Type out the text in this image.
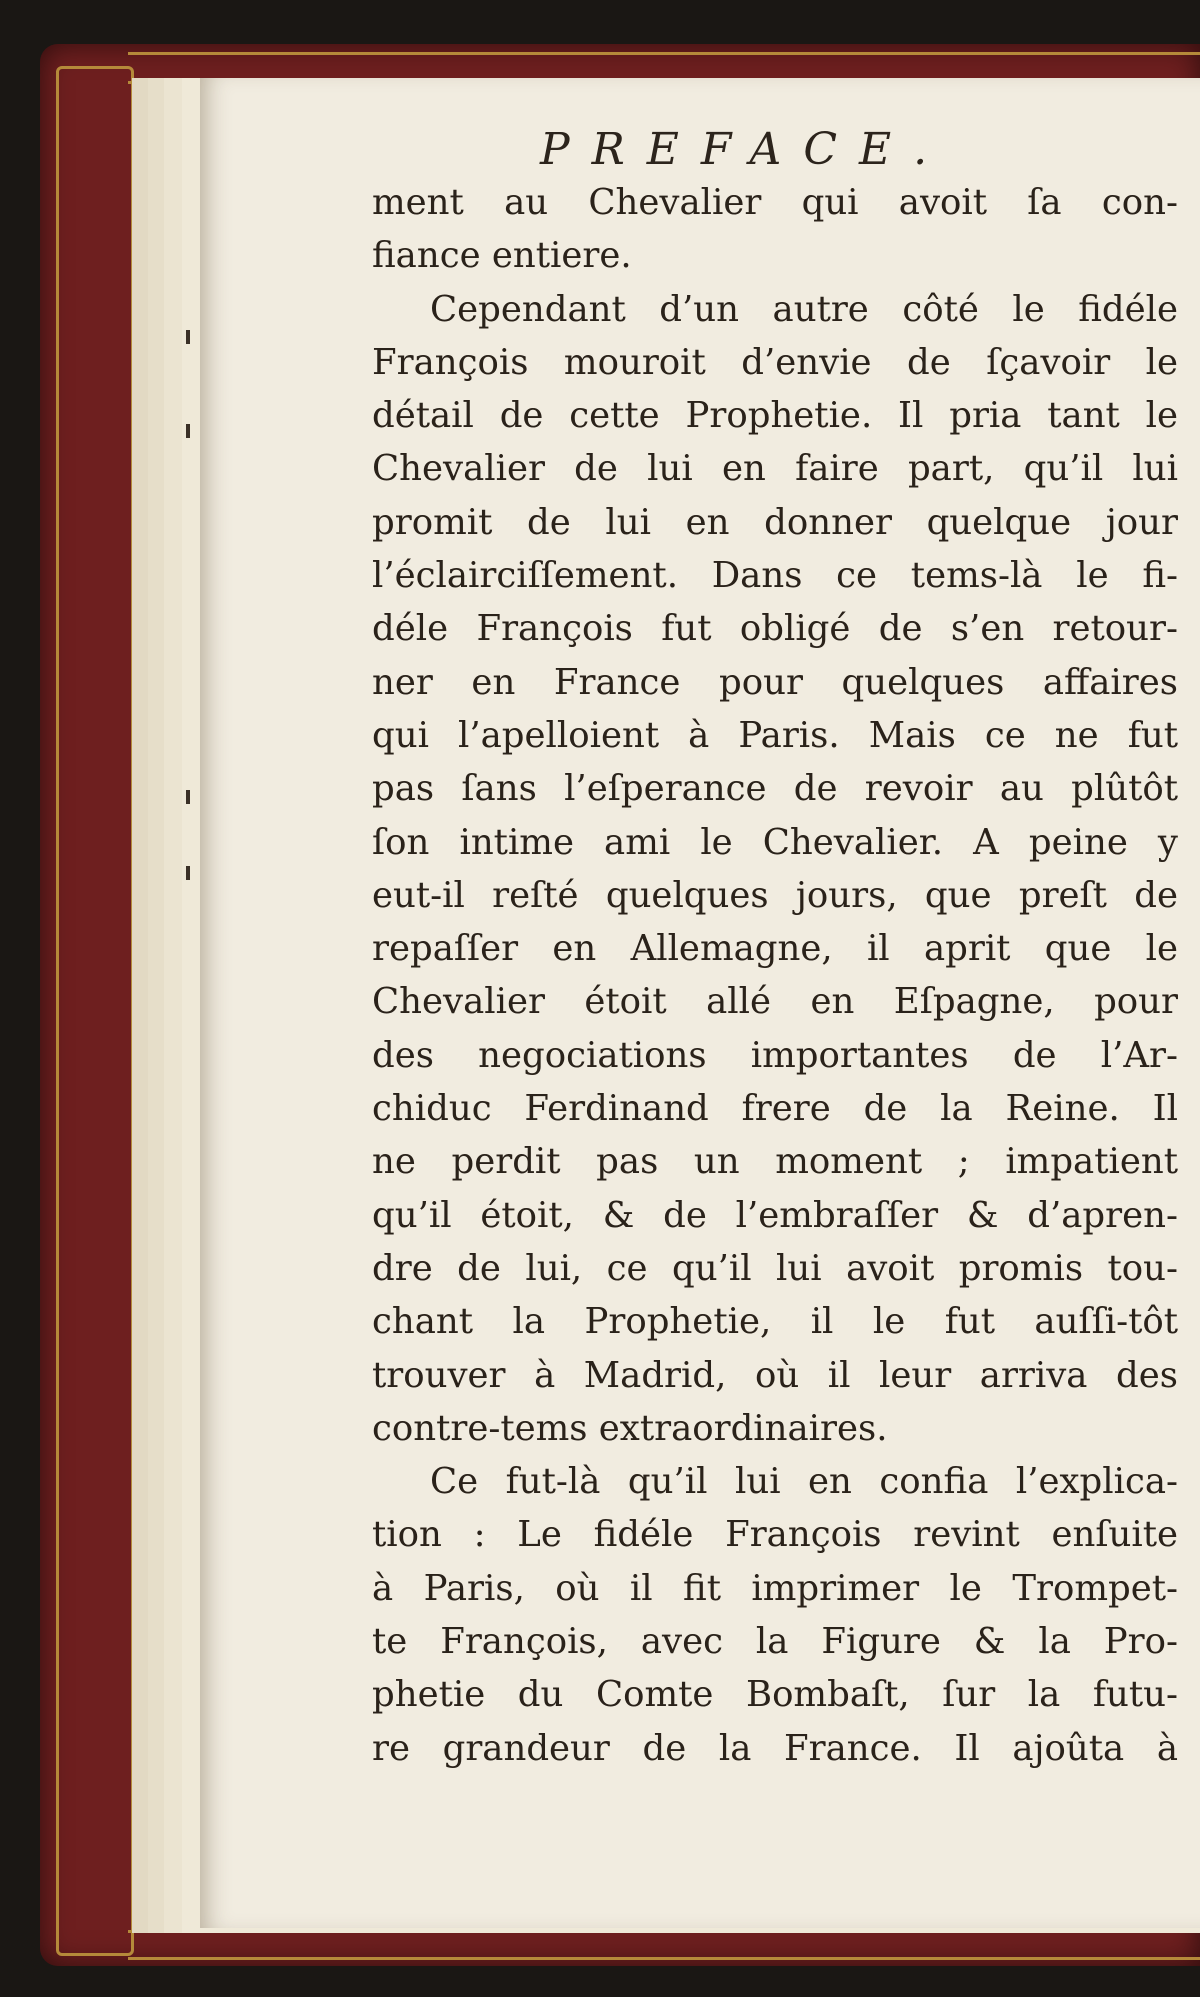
PREFACE.
ment au Chevalier qui avoit ſa con-
fiance entiere.
Cependant d’un autre côté le fidéle
François mouroit d’envie de ſçavoir le
détail de cette Prophetie. Il pria tant le
Chevalier de lui en faire part, qu’il lui
promit de lui en donner quelque jour
l’éclairciſſement. Dans ce tems-là le fi-
déle François fut obligé de s’en retour-
ner en France pour quelques affaires
qui l’apelloient à Paris. Mais ce ne fut
pas ſans l’eſperance de revoir au plûtôt
ſon intime ami le Chevalier. A peine y
eut-il reſté quelques jours, que preſt de
repaſſer en Allemagne, il aprit que le
Chevalier étoit allé en Eſpagne, pour
des negociations importantes de l’Ar-
chiduc Ferdinand frere de la Reine. Il
ne perdit pas un moment ; impatient
qu’il étoit, & de l’embraſſer & d’apren-
dre de lui, ce qu’il lui avoit promis tou-
chant la Prophetie, il le fut auſſi-tôt
trouver à Madrid, où il leur arriva des
contre-tems extraordinaires.
Ce fut-là qu’il lui en confia l’explica-
tion : Le fidéle François revint enſuite
à Paris, où il fit imprimer le Trompet-
te François, avec la Figure & la Pro-
phetie du Comte Bombaſt, ſur la futu-
re grandeur de la France. Il ajoûta à
